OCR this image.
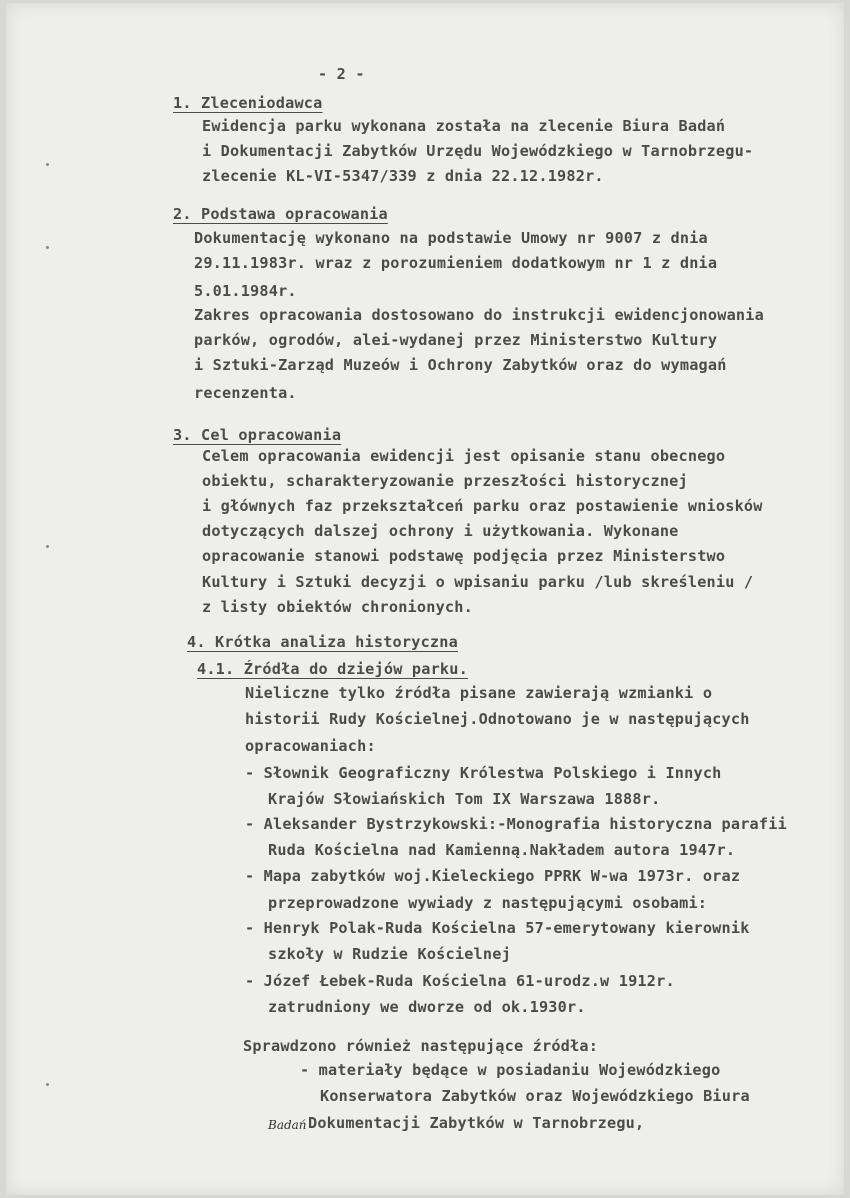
- 2 -
1. Zleceniodawca
Ewidencja parku wykonana została na zlecenie Biura Badań
i Dokumentacji Zabytków Urzędu Wojewódzkiego w Tarnobrzegu-
zlecenie KL-VI-5347/339 z dnia 22.12.1982r.
2. Podstawa opracowania
Dokumentację wykonano na podstawie Umowy nr 9007 z dnia
29.11.1983r. wraz z porozumieniem dodatkowym nr 1 z dnia
5.01.1984r.
Zakres opracowania dostosowano do instrukcji ewidencjonowania
parków, ogrodów, alei-wydanej przez Ministerstwo Kultury
i Sztuki-Zarząd Muzeów i Ochrony Zabytków oraz do wymagań
recenzenta.
3. Cel opracowania
Celem opracowania ewidencji jest opisanie stanu obecnego
obiektu, scharakteryzowanie przeszłości historycznej
i głównych faz przekształceń parku oraz postawienie wniosków
dotyczących dalszej ochrony i użytkowania. Wykonane
opracowanie stanowi podstawę podjęcia przez Ministerstwo
Kultury i Sztuki decyzji o wpisaniu parku /lub skreśleniu /
z listy obiektów chronionych.
4. Krótka analiza historyczna
4.1. Źródła do dziejów parku.
Nieliczne tylko źródła pisane zawierają wzmianki o
historii Rudy Kościelnej.Odnotowano je w następujących
opracowaniach:
- Słownik Geograficzny Królestwa Polskiego i Innych
Krajów Słowiańskich Tom IX Warszawa 1888r.
- Aleksander Bystrzykowski:-Monografia historyczna parafii
Ruda Kościelna nad Kamienną.Nakładem autora 1947r.
- Mapa zabytków woj.Kieleckiego PPRK W-wa 1973r. oraz
przeprowadzone wywiady z następującymi osobami:
- Henryk Polak-Ruda Kościelna 57-emerytowany kierownik
szkoły w Rudzie Kościelnej
- Józef Łebek-Ruda Kościelna 61-urodz.w 1912r.
zatrudniony we dworze od ok.1930r.
Sprawdzono również następujące źródła:
- materiały będące w posiadaniu Wojewódzkiego
Konserwatora Zabytków oraz Wojewódzkiego Biura
Badań Dokumentacji Zabytków w Tarnobrzegu,
